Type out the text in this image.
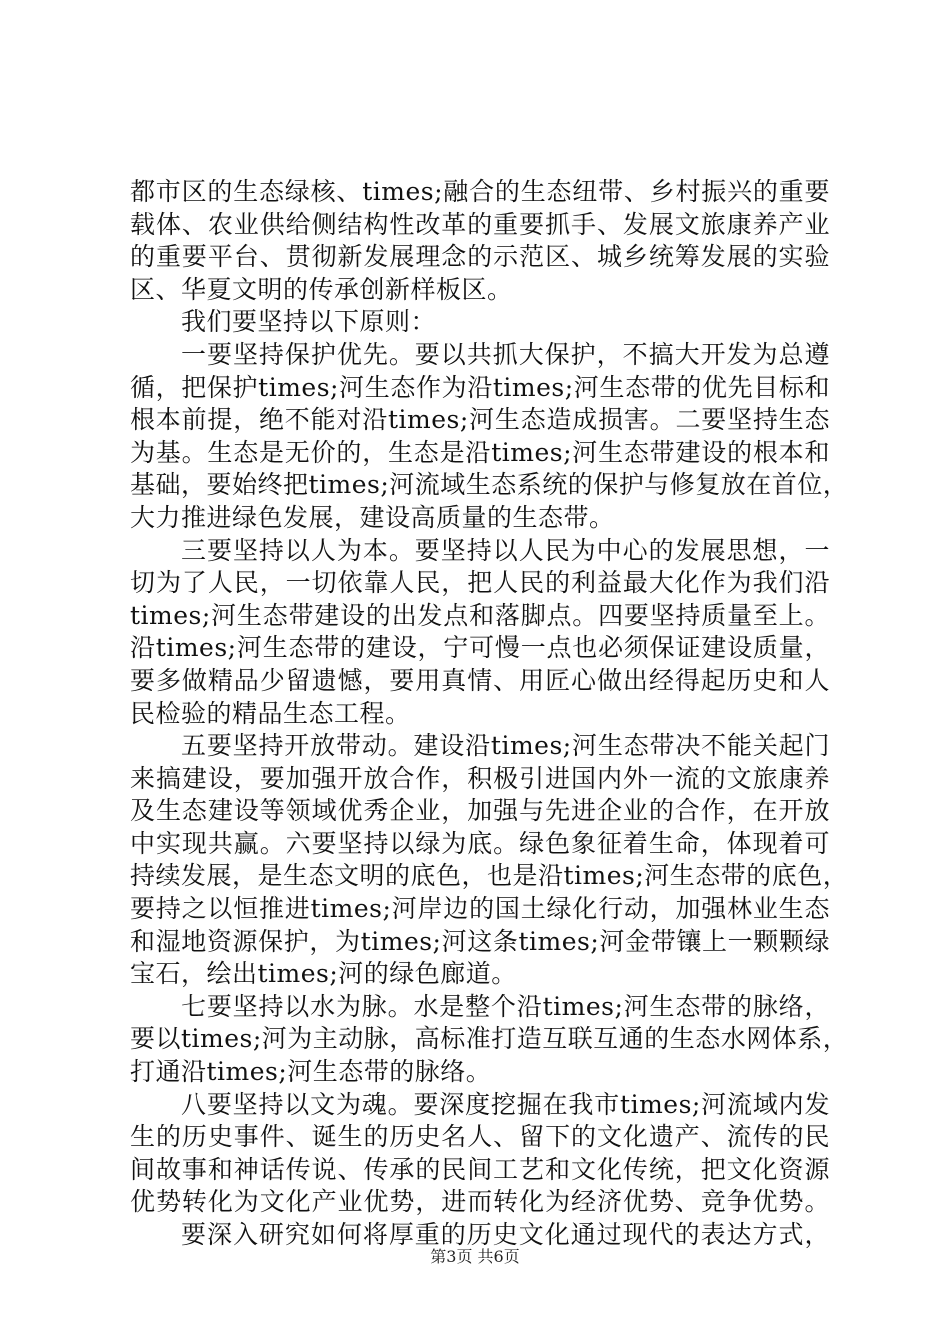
都市区的生态绿核、times;融合的生态纽带、乡村振兴的重要
载体、农业供给侧结构性改革的重要抓手、发展文旅康养产业
的重要平台、贯彻新发展理念的示范区、城乡统筹发展的实验
区、华夏文明的传承创新样板区。
我们要坚持以下原则：
一要坚持保护优先。要以共抓大保护，不搞大开发为总遵
循，把保护times;河生态作为沿times;河生态带的优先目标和
根本前提，绝不能对沿times;河生态造成损害。二要坚持生态
为基。生态是无价的，生态是沿times;河生态带建设的根本和
基础，要始终把times;河流域生态系统的保护与修复放在首位，
大力推进绿色发展，建设高质量的生态带。
三要坚持以人为本。要坚持以人民为中心的发展思想，一
切为了人民，一切依靠人民，把人民的利益最大化作为我们沿
times;河生态带建设的出发点和落脚点。四要坚持质量至上。
沿times;河生态带的建设，宁可慢一点也必须保证建设质量，
要多做精品少留遗憾，要用真情、用匠心做出经得起历史和人
民检验的精品生态工程。
五要坚持开放带动。建设沿times;河生态带决不能关起门
来搞建设，要加强开放合作，积极引进国内外一流的文旅康养
及生态建设等领域优秀企业，加强与先进企业的合作，在开放
中实现共赢。六要坚持以绿为底。绿色象征着生命，体现着可
持续发展，是生态文明的底色，也是沿times;河生态带的底色，
要持之以恒推进times;河岸边的国土绿化行动，加强林业生态
和湿地资源保护，为times;河这条times;河金带镶上一颗颗绿
宝石，绘出times;河的绿色廊道。
七要坚持以水为脉。水是整个沿times;河生态带的脉络，
要以times;河为主动脉，高标准打造互联互通的生态水网体系，
打通沿times;河生态带的脉络。
八要坚持以文为魂。要深度挖掘在我市times;河流域内发
生的历史事件、诞生的历史名人、留下的文化遗产、流传的民
间故事和神话传说、传承的民间工艺和文化传统，把文化资源
优势转化为文化产业优势，进而转化为经济优势、竞争优势。
要深入研究如何将厚重的历史文化通过现代的表达方式，
第3页 共6页
